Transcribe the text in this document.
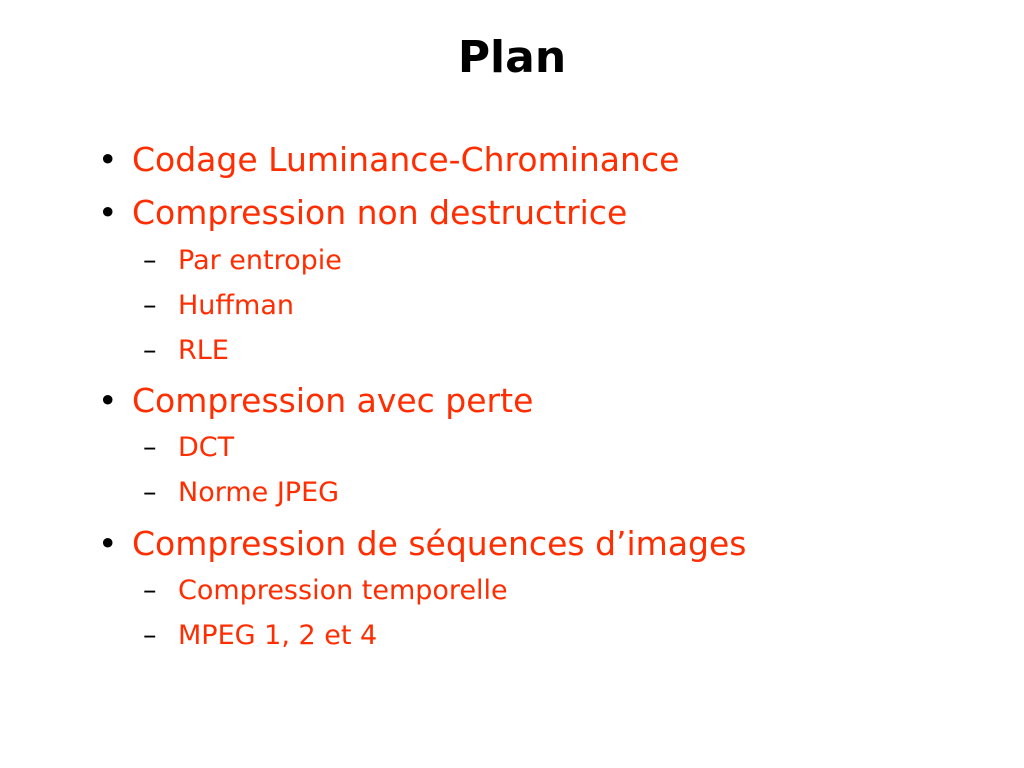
Plan
• Codage Luminance-Chrominance
• Compression non destructrice
– Par entropie
– Huffman
– RLE
• Compression avec perte
– DCT
– Norme JPEG
• Compression de séquences d’images
– Compression temporelle
– MPEG 1, 2 et 4
